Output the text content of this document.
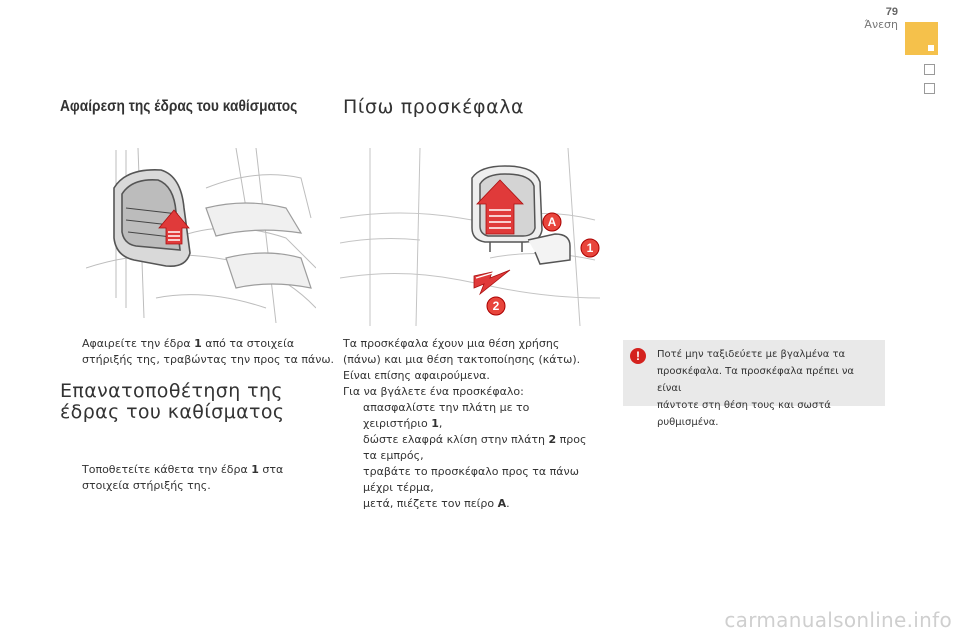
79
Άνεση
Αφαίρεση της έδρας του καθίσματος Πίσω προσκέφαλα
A
1
2
Αφαιρείτε την έδρα 1 από τα στοιχεία
στήριξής της, τραβώντας την προς τα πάνω.
Επανατοποθέτηση της
έδρας του καθίσματος
Τοποθετείτε κάθετα την έδρα 1 στα
στοιχεία στήριξής της.
Τα προσκέφαλα έχουν μια θέση χρήσης
(πάνω) και μια θέση τακτοποίησης (κάτω).
Είναι επίσης αφαιρούμενα.
Για να βγάλετε ένα προσκέφαλο:
απασφαλίστε την πλάτη με το
χειριστήριο 1,
δώστε ελαφρά κλίση στην πλάτη 2 προς
τα εμπρός,
τραβάτε το προσκέφαλο προς τα πάνω
μέχρι τέρμα,
μετά, πιέζετε τον πείρο A.
!	Ποτέ μην ταξιδεύετε με βγαλμένα τα
προσκέφαλα. Τα προσκέφαλα πρέπει να είναι
πάντοτε στη θέση τους και σωστά ρυθμισμένα.
carmanualsonline.info
